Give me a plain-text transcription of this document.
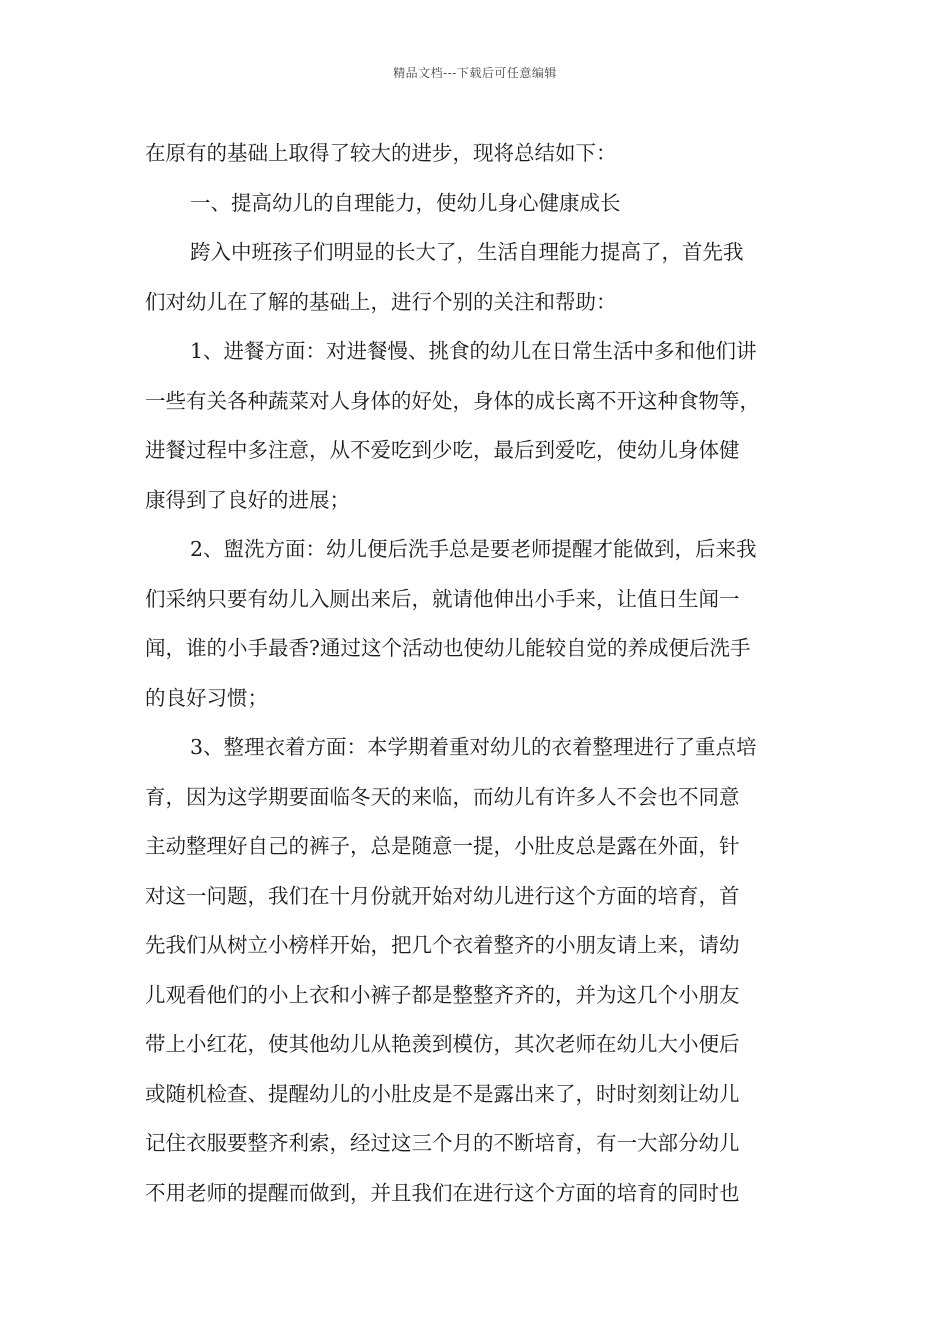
精品文档---下载后可任意编辑
在原有的基础上取得了较大的进步，现将总结如下：
一、提高幼儿的自理能力，使幼儿身心健康成长
跨入中班孩子们明显的长大了，生活自理能力提高了，首先我
们对幼儿在了解的基础上，进行个别的关注和帮助：
1、进餐方面：对进餐慢、挑食的幼儿在日常生活中多和他们讲
一些有关各种蔬菜对人身体的好处，身体的成长离不开这种食物等，
进餐过程中多注意，从不爱吃到少吃，最后到爱吃，使幼儿身体健
康得到了良好的进展；
2、盥洗方面：幼儿便后洗手总是要老师提醒才能做到，后来我
们采纳只要有幼儿入厕出来后，就请他伸出小手来，让值日生闻一
闻，谁的小手最香?通过这个活动也使幼儿能较自觉的养成便后洗手
的良好习惯；
3、整理衣着方面：本学期着重对幼儿的衣着整理进行了重点培
育，因为这学期要面临冬天的来临，而幼儿有许多人不会也不同意
主动整理好自己的裤子，总是随意一提，小肚皮总是露在外面，针
对这一问题，我们在十月份就开始对幼儿进行这个方面的培育，首
先我们从树立小榜样开始，把几个衣着整齐的小朋友请上来，请幼
儿观看他们的小上衣和小裤子都是整整齐齐的，并为这几个小朋友
带上小红花，使其他幼儿从艳羡到模仿，其次老师在幼儿大小便后
或随机检查、提醒幼儿的小肚皮是不是露出来了，时时刻刻让幼儿
记住衣服要整齐利索，经过这三个月的不断培育，有一大部分幼儿
不用老师的提醒而做到，并且我们在进行这个方面的培育的同时也
